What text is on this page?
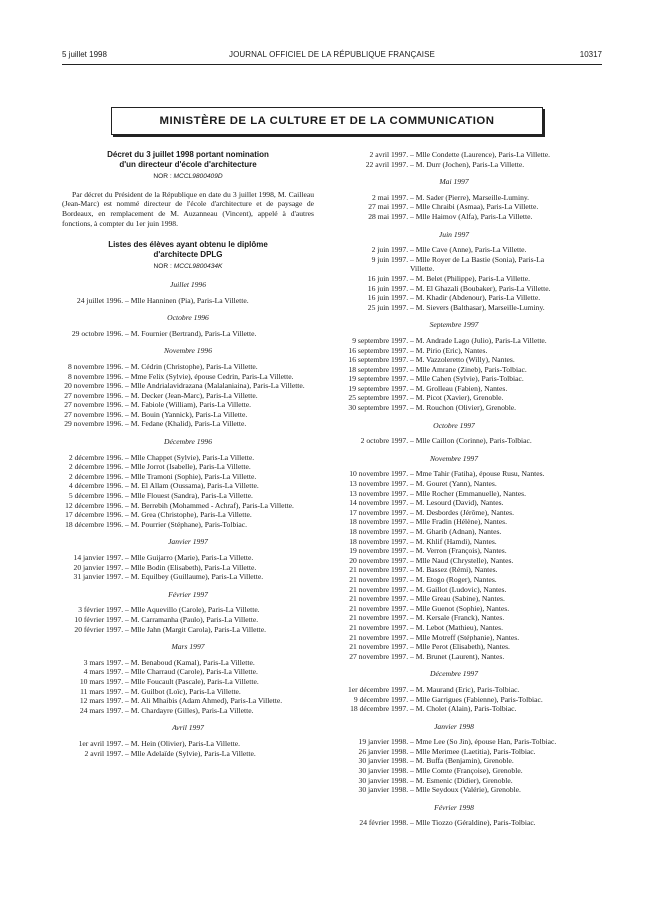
5 juillet 1998	JOURNAL OFFICIEL DE LA RÉPUBLIQUE FRANÇAISE	10317
MINISTÈRE DE LA CULTURE ET DE LA COMMUNICATION
Décret du 3 juillet 1998 portant nomination
d'un directeur d'école d'architecture
NOR : MCCL9800409D
Par décret du Président de la République en date du 3 juillet 1998, M. Cailleau (Jean-Marc) est nommé directeur de l'école d'architecture et de paysage de Bordeaux, en remplacement de M. Auzanneau (Vincent), appelé à d'autres fonctions, à compter du 1er juin 1998.
Listes des élèves ayant obtenu le diplôme
d'architecte DPLG
NOR : MCCL9800434K
Juillet 1996
24 juillet 1996. – Mlle Hanninen (Pia), Paris-La Villette.
Octobre 1996
29 octobre 1996. – M. Fournier (Bertrand), Paris-La Villette.
Novembre 1996
8 novembre 1996. – M. Cédrin (Christophe), Paris-La Villette.
8 novembre 1996. – Mme Felix (Sylvie), épouse Cedrin, Paris-La Villette.
20 novembre 1996. – Mlle Andrialavidrazana (Malalaniaina), Paris-La Villette.
27 novembre 1996. – M. Decker (Jean-Marc), Paris-La Villette.
27 novembre 1996. – M. Fabiole (William), Paris-La Villette.
27 novembre 1996. – M. Bouin (Yannick), Paris-La Villette.
29 novembre 1996. – M. Fedane (Khalid), Paris-La Villette.
Décembre 1996
2 décembre 1996. – Mlle Chappet (Sylvie), Paris-La Villette.
2 décembre 1996. – Mlle Jorrot (Isabelle), Paris-La Villette.
2 décembre 1996. – Mlle Tramoni (Sophie), Paris-La Villette.
4 décembre 1996. – M. El Allam (Oussama), Paris-La Villette.
5 décembre 1996. – Mlle Flouest (Sandra), Paris-La Villette.
12 décembre 1996. – M. Berrebih (Mohammed - Achraf), Paris-La Villette.
17 décembre 1996. – M. Grea (Christophe), Paris-La Villette.
18 décembre 1996. – M. Pourrier (Stéphane), Paris-Tolbiac.
Janvier 1997
14 janvier 1997. – Mlle Guijarro (Marie), Paris-La Villette.
20 janvier 1997. – Mlle Bodin (Elisabeth), Paris-La Villette.
31 janvier 1997. – M. Equilbey (Guillaume), Paris-La Villette.
Février 1997
3 février 1997. – Mlle Aquevillo (Carole), Paris-La Villette.
10 février 1997. – M. Carramanha (Paulo), Paris-La Villette.
20 février 1997. – Mlle Jahn (Margit Carola), Paris-La Villette.
Mars 1997
3 mars 1997. – M. Benaboud (Kamal), Paris-La Villette.
4 mars 1997. – Mlle Charraud (Carole), Paris-La Villette.
10 mars 1997. – Mlle Foucault (Pascale), Paris-La Villette.
11 mars 1997. – M. Guilbot (Loïc), Paris-La Villette.
12 mars 1997. – M. Ali Mhaibis (Adam Ahmed), Paris-La Villette.
24 mars 1997. – M. Chardayre (Gilles), Paris-La Villette.
Avril 1997
1er avril 1997. – M. Hein (Olivier), Paris-La Villette.
2 avril 1997. – Mlle Adelaïde (Sylvie), Paris-La Villette.
2 avril 1997. – Mlle Condette (Laurence), Paris-La Villette.
22 avril 1997. – M. Durr (Jochen), Paris-La Villette.
Mai 1997
2 mai 1997. – M. Sader (Pierre), Marseille-Luminy.
27 mai 1997. – Mlle Chraibi (Asmaa), Paris-La Villette.
28 mai 1997. – Mlle Haimov (Alfa), Paris-La Villette.
Juin 1997
2 juin 1997. – Mlle Cave (Anne), Paris-La Villette.
9 juin 1997. – Mlle Royer de La Bastie (Sonia), Paris-La Villette.
16 juin 1997. – M. Belet (Philippe), Paris-La Villette.
16 juin 1997. – M. El Ghazali (Boubaker), Paris-La Villette.
16 juin 1997. – M. Khadir (Abdenour), Paris-La Villette.
25 juin 1997. – M. Sievers (Balthasar), Marseille-Luminy.
Septembre 1997
9 septembre 1997. – M. Andrade Lago (Julio), Paris-La Villette.
16 septembre 1997. – M. Pirio (Eric), Nantes.
16 septembre 1997. – M. Vazzoleretto (Willy), Nantes.
18 septembre 1997. – Mlle Amrane (Zineb), Paris-Tolbiac.
19 septembre 1997. – Mlle Cahen (Sylvie), Paris-Tolbiac.
19 septembre 1997. – M. Grolleau (Fabien), Nantes.
25 septembre 1997. – M. Picot (Xavier), Grenoble.
30 septembre 1997. – M. Rouchon (Olivier), Grenoble.
Octobre 1997
2 octobre 1997. – Mlle Caillon (Corinne), Paris-Tolbiac.
Novembre 1997
10 novembre 1997. – Mme Tahir (Fatiha), épouse Rusu, Nantes.
13 novembre 1997. – M. Gouret (Yann), Nantes.
13 novembre 1997. – Mlle Rocher (Emmanuelle), Nantes.
14 novembre 1997. – M. Lesourd (David), Nantes.
17 novembre 1997. – M. Desbordes (Jérôme), Nantes.
18 novembre 1997. – Mlle Fradin (Hélène), Nantes.
18 novembre 1997. – M. Gharib (Adnan), Nantes.
18 novembre 1997. – M. Khlif (Hamdi), Nantes.
19 novembre 1997. – M. Verron (François), Nantes.
20 novembre 1997. – Mlle Naud (Chrystelle), Nantes.
21 novembre 1997. – M. Bassez (Rémi), Nantes.
21 novembre 1997. – M. Etogo (Roger), Nantes.
21 novembre 1997. – M. Gaillot (Ludovic), Nantes.
21 novembre 1997. – Mlle Greau (Sabine), Nantes.
21 novembre 1997. – Mlle Guenot (Sophie), Nantes.
21 novembre 1997. – M. Kersale (Franck), Nantes.
21 novembre 1997. – M. Lebot (Mathieu), Nantes.
21 novembre 1997. – Mlle Motreff (Stéphanie), Nantes.
21 novembre 1997. – Mlle Perot (Elisabeth), Nantes.
27 novembre 1997. – M. Brunet (Laurent), Nantes.
Décembre 1997
1er décembre 1997. – M. Maurand (Eric), Paris-Tolbiac.
9 décembre 1997. – Mlle Garrigues (Fabienne), Paris-Tolbiac.
18 décembre 1997. – M. Cholet (Alain), Paris-Tolbiac.
Janvier 1998
19 janvier 1998. – Mme Lee (So Jin), épouse Han, Paris-Tolbiac.
26 janvier 1998. – Mlle Merimee (Laetitia), Paris-Tolbiac.
30 janvier 1998. – M. Buffa (Benjamin), Grenoble.
30 janvier 1998. – Mlle Comte (Françoise), Grenoble.
30 janvier 1998. – M. Esmenic (Didier), Grenoble.
30 janvier 1998. – Mlle Seydoux (Valérie), Grenoble.
Février 1998
24 février 1998. – Mlle Tiozzo (Géraldine), Paris-Tolbiac.
